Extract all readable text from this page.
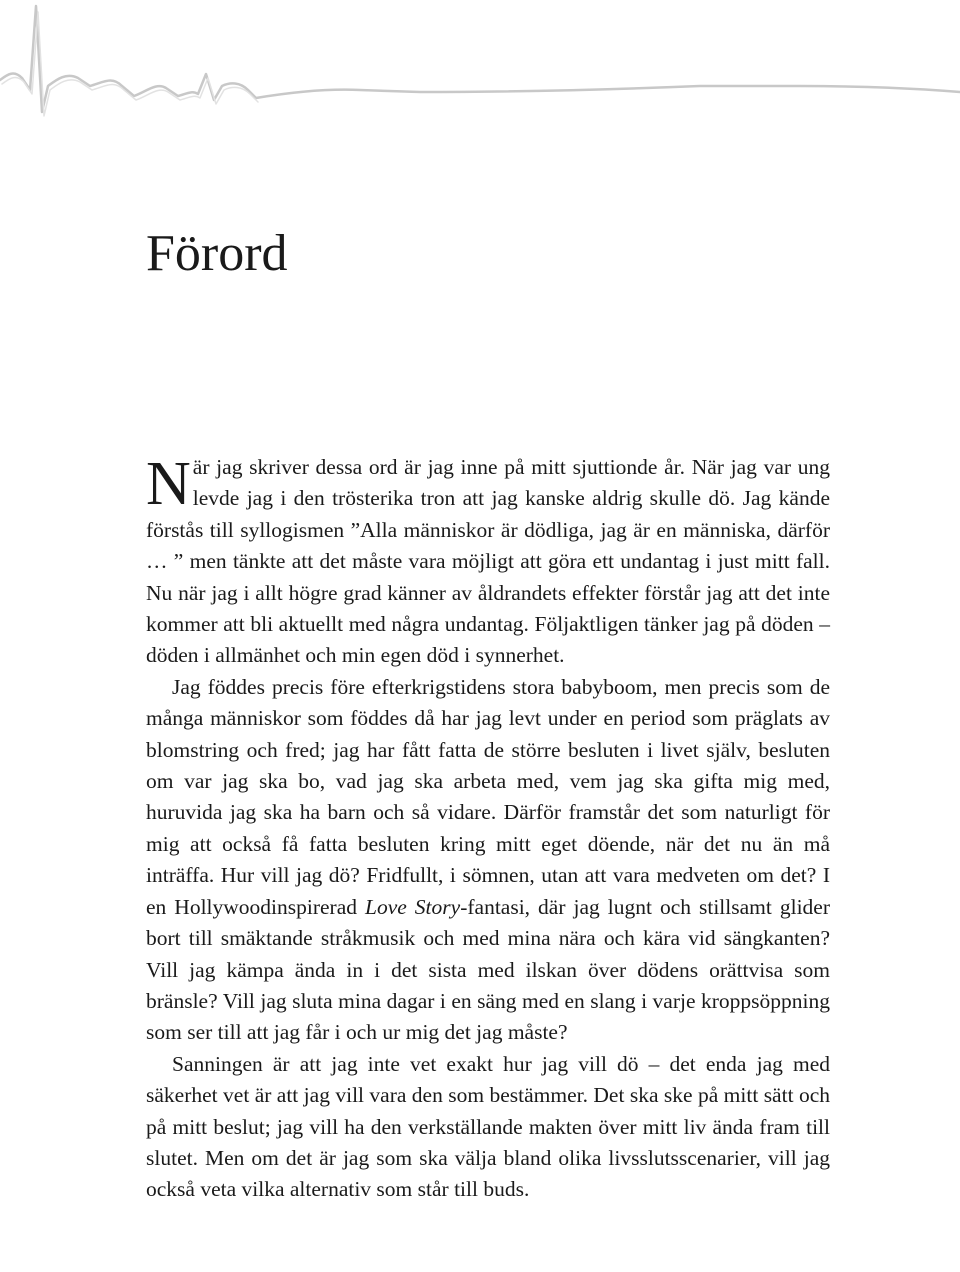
Förord

När jag skriver dessa ord är jag inne på mitt sjuttionde år. När jag var ung levde jag i den trösterika tron att jag kanske aldrig skulle dö. Jag kände förstås till syllogismen ”Alla människor är dödliga, jag är en människa, därför … ” men tänkte att det måste vara möjligt att göra ett undantag i just mitt fall. Nu när jag i allt högre grad känner av åldrandets effekter förstår jag att det inte kommer att bli aktuellt med några undantag. Följaktligen tänker jag på döden – döden i allmänhet och min egen död i synnerhet.

Jag föddes precis före efterkrigstidens stora babyboom, men precis som de många människor som föddes då har jag levt under en period som präglats av blomstring och fred; jag har fått fatta de större besluten i livet själv, besluten om var jag ska bo, vad jag ska arbeta med, vem jag ska gifta mig med, huruvida jag ska ha barn och så vidare. Därför framstår det som naturligt för mig att också få fatta besluten kring mitt eget döende, när det nu än må inträffa. Hur vill jag dö? Fridfullt, i sömnen, utan att vara medveten om det? I en Hollywoodinspirerad Love Story-fantasi, där jag lugnt och stillsamt glider bort till smäktande stråkmusik och med mina nära och kära vid sängkanten? Vill jag kämpa ända in i det sista med ilskan över dödens orättvisa som bränsle? Vill jag sluta mina dagar i en säng med en slang i varje kroppsöppning som ser till att jag får i och ur mig det jag måste?

Sanningen är att jag inte vet exakt hur jag vill dö – det enda jag med säkerhet vet är att jag vill vara den som bestämmer. Det ska ske på mitt sätt och på mitt beslut; jag vill ha den verkställande makten över mitt liv ända fram till slutet. Men om det är jag som ska välja bland olika livsslutsscenarier, vill jag också veta vilka alternativ som står till buds.
